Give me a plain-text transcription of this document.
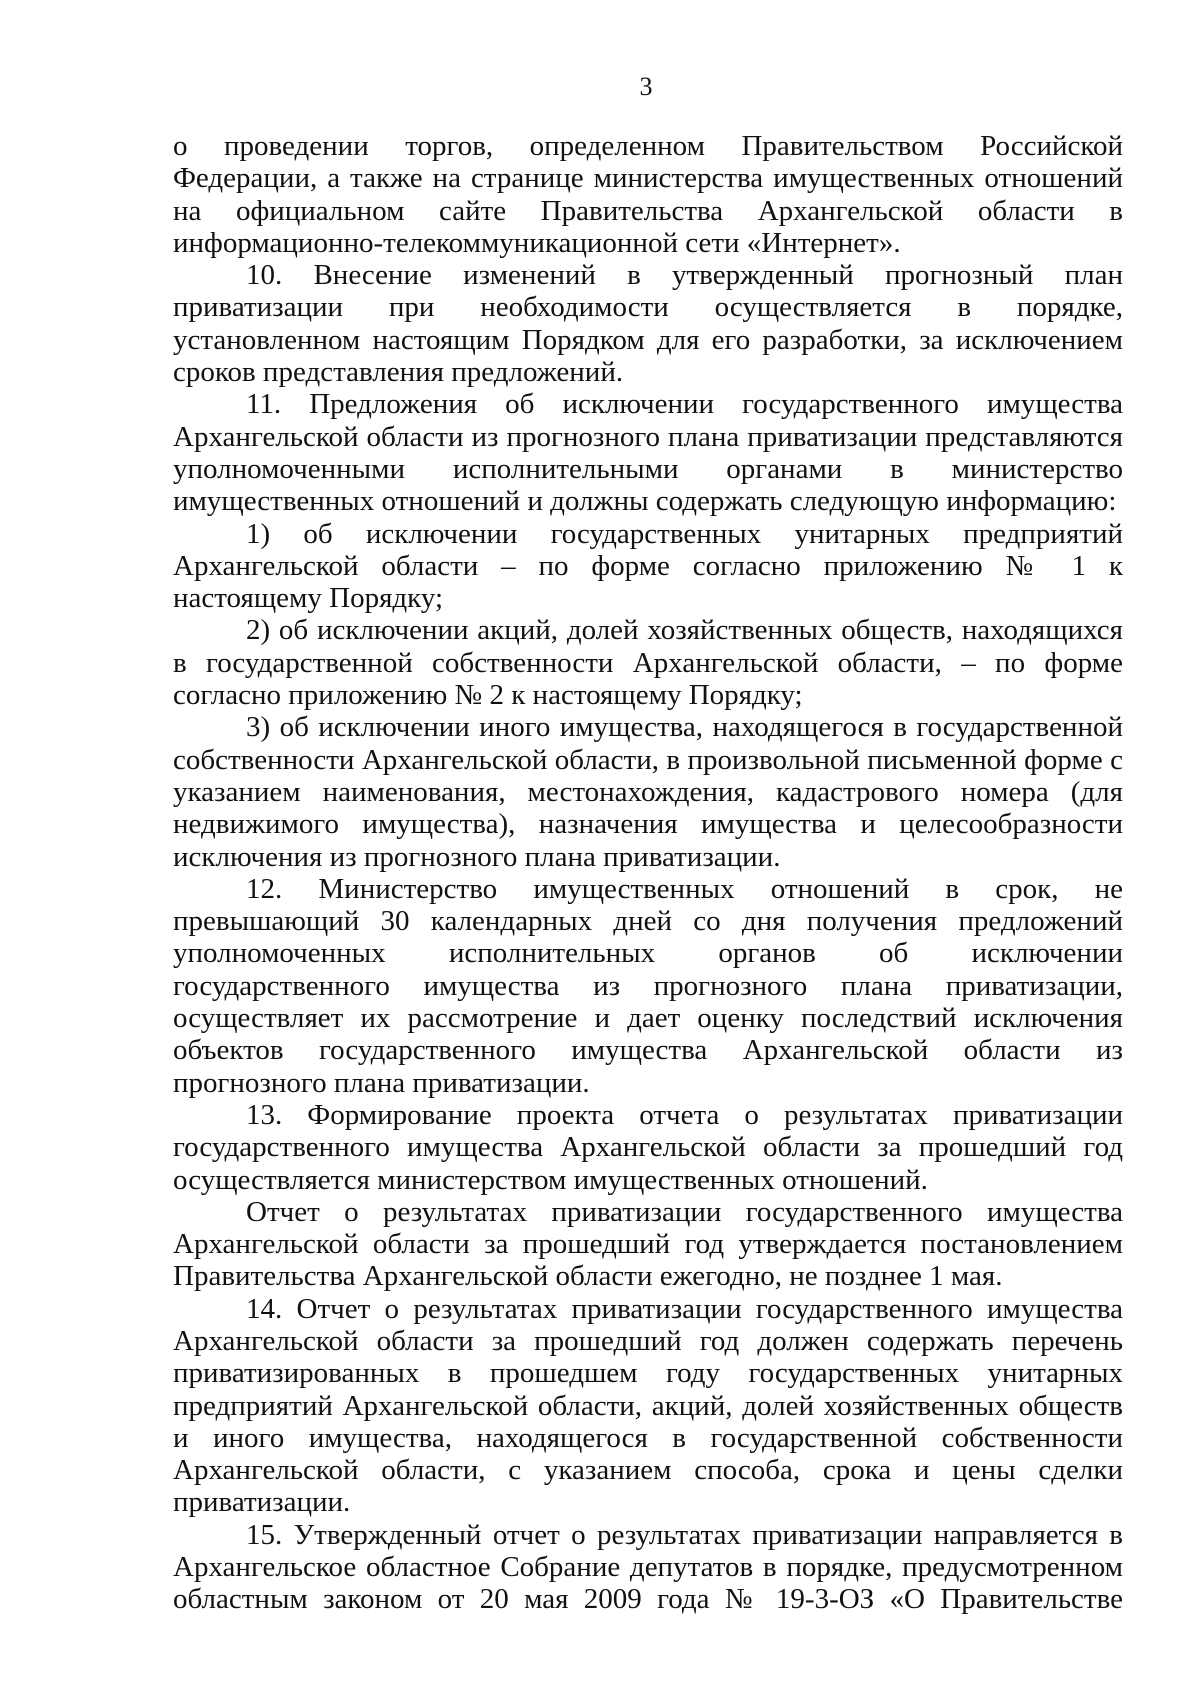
3

о проведении торгов, определенном Правительством Российской Федерации, а также на странице министерства имущественных отношений на официальном сайте Правительства Архангельской области в информационно-телекоммуникационной сети «Интернет».

10. Внесение изменений в утвержденный прогнозный план приватизации при необходимости осуществляется в порядке, установленном настоящим Порядком для его разработки, за исключением сроков представления предложений.

11. Предложения об исключении государственного имущества Архангельской области из прогнозного плана приватизации представляются уполномоченными исполнительными органами в министерство имущественных отношений и должны содержать следующую информацию:

1) об исключении государственных унитарных предприятий Архангельской области – по форме согласно приложению № 1 к настоящему Порядку;

2) об исключении акций, долей хозяйственных обществ, находящихся в государственной собственности Архангельской области, – по форме согласно приложению № 2 к настоящему Порядку;

3) об исключении иного имущества, находящегося в государственной собственности Архангельской области, в произвольной письменной форме с указанием наименования, местонахождения, кадастрового номера (для недвижимого имущества), назначения имущества и целесообразности исключения из прогнозного плана приватизации.

12. Министерство имущественных отношений в срок, не превышающий 30 календарных дней со дня получения предложений уполномоченных исполнительных органов об исключении государственного имущества из прогнозного плана приватизации, осуществляет их рассмотрение и дает оценку последствий исключения объектов государственного имущества Архангельской области из прогнозного плана приватизации.

13. Формирование проекта отчета о результатах приватизации государственного имущества Архангельской области за прошедший год осуществляется министерством имущественных отношений.

Отчет о результатах приватизации государственного имущества Архангельской области за прошедший год утверждается постановлением Правительства Архангельской области ежегодно, не позднее 1 мая.

14. Отчет о результатах приватизации государственного имущества Архангельской области за прошедший год должен содержать перечень приватизированных в прошедшем году государственных унитарных предприятий Архангельской области, акций, долей хозяйственных обществ и иного имущества, находящегося в государственной собственности Архангельской области, с указанием способа, срока и цены сделки приватизации.

15. Утвержденный отчет о результатах приватизации направляется в Архангельское областное Собрание депутатов в порядке, предусмотренном областным законом от 20 мая 2009 года № 19-3-ОЗ «О Правительстве
